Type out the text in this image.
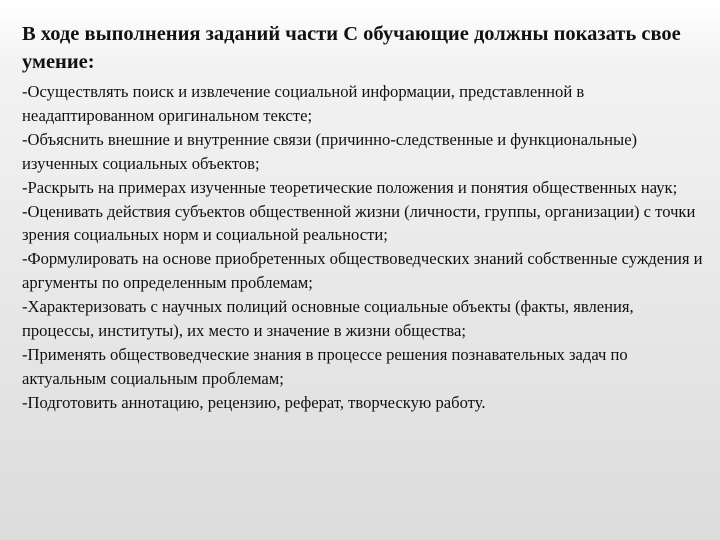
В ходе выполнения заданий части С обучающие должны показать свое умение:
-Осуществлять поиск и извлечение социальной информации, представленной в неадаптированном оригинальном тексте;
-Объяснить внешние и внутренние связи (причинно-следственные и функциональные) изученных социальных объектов;
-Раскрыть на примерах изученные теоретические положения и понятия общественных наук;
-Оценивать действия субъектов общественной жизни (личности, группы, организации) с точки зрения социальных норм и социальной реальности;
-Формулировать на основе приобретенных обществоведческих знаний собственные суждения и аргументы по определенным проблемам;
-Характеризовать с научных полиций основные социальные объекты (факты, явления, процессы, институты), их место и значение в жизни общества;
-Применять обществоведческие знания в процессе решения познавательных задач по актуальным социальным проблемам;
-Подготовить аннотацию, рецензию, реферат, творческую работу.
